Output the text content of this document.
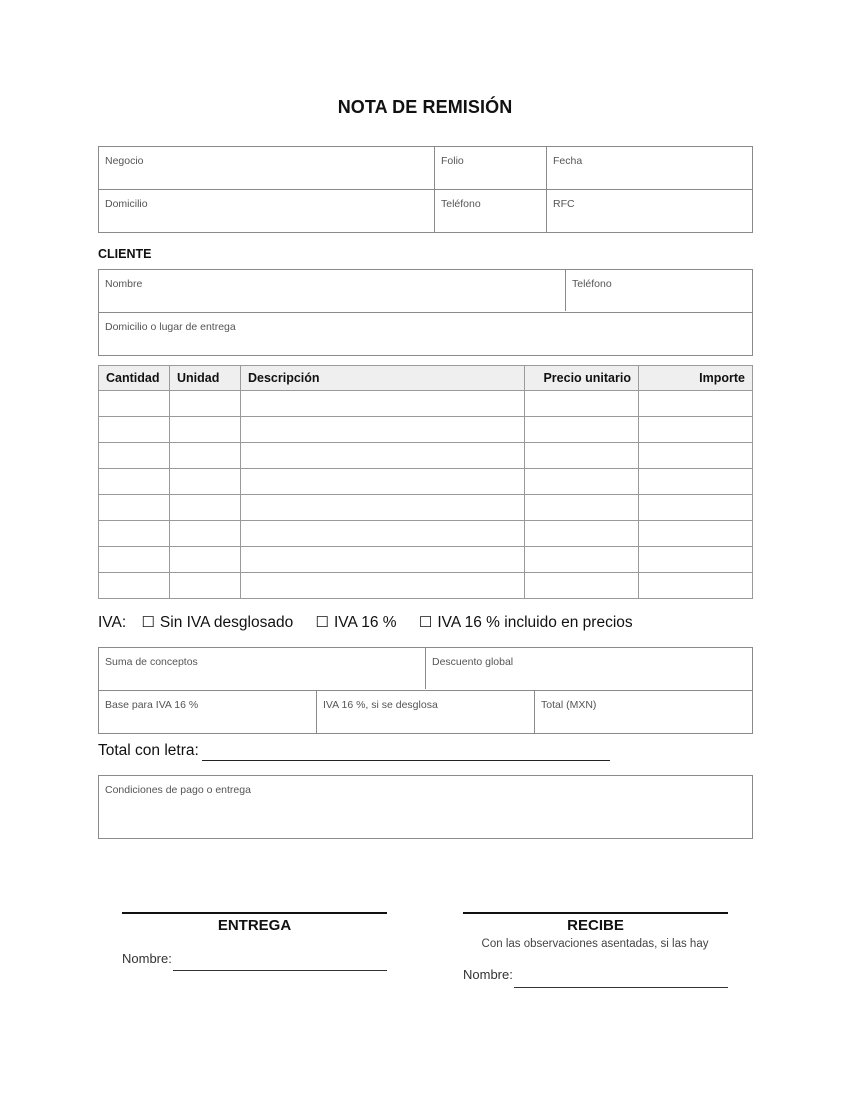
NOTA DE REMISIÓN
Negocio	Folio	Fecha
Domicilio	Teléfono	RFC
CLIENTE
Nombre	Teléfono
Domicilio o lugar de entrega
Cantidad	Unidad	Descripción	Precio unitario	Importe

IVA: ☐ Sin IVA desglosado ☐ IVA 16 % ☐ IVA 16 % incluido en precios
Suma de conceptos	Descuento global
Base para IVA 16 %	IVA 16 %, si se desglosa	Total (MXN)
Total con letra:
Condiciones de pago o entrega
ENTREGA
Nombre:
RECIBE
Con las observaciones asentadas, si las hay
Nombre:
